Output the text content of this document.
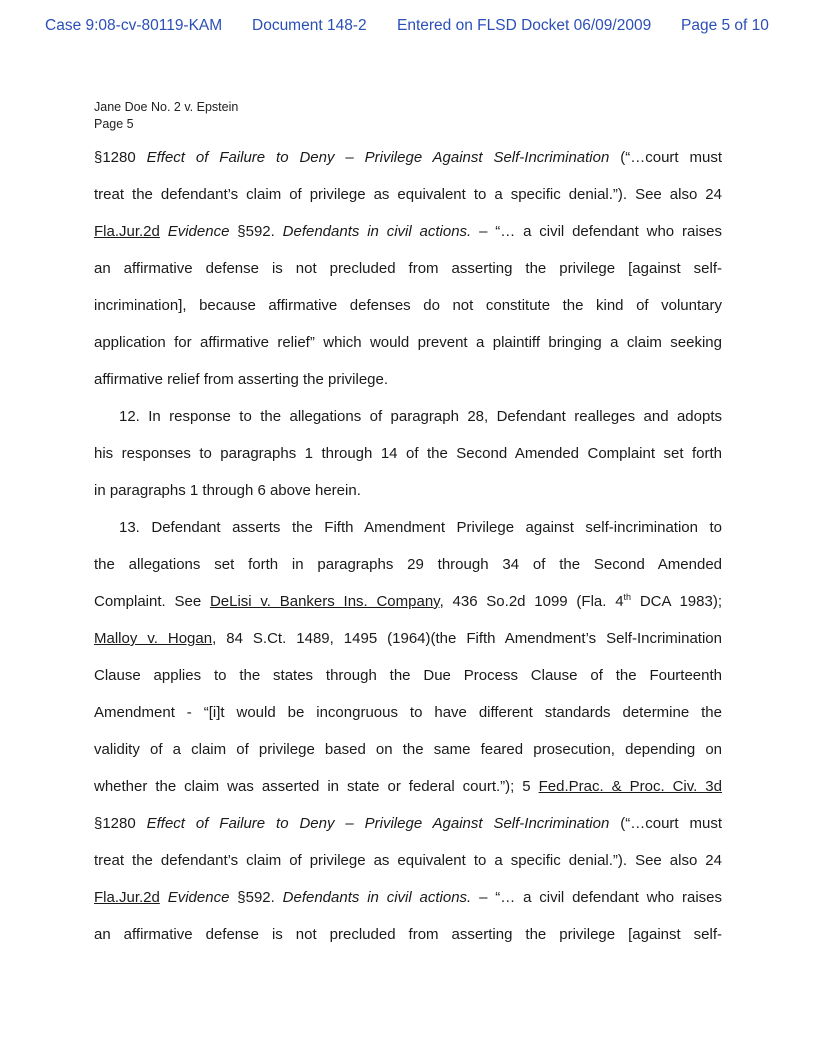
Case 9:08-cv-80119-KAM Document 148-2 Entered on FLSD Docket 06/09/2009 Page 5 of 10
Jane Doe No. 2 v. Epstein
Page 5
§1280 Effect of Failure to Deny – Privilege Against Self-Incrimination (“…court must
treat the defendant’s claim of privilege as equivalent to a specific denial.”). See also 24
Fla.Jur.2d Evidence §592. Defendants in civil actions. – “… a civil defendant who raises
an affirmative defense is not precluded from asserting the privilege [against self-
incrimination], because affirmative defenses do not constitute the kind of voluntary
application for affirmative relief” which would prevent a plaintiff bringing a claim seeking
affirmative relief from asserting the privilege.
12. In response to the allegations of paragraph 28, Defendant realleges and adopts
his responses to paragraphs 1 through 14 of the Second Amended Complaint set forth
in paragraphs 1 through 6 above herein.
13. Defendant asserts the Fifth Amendment Privilege against self-incrimination to
the allegations set forth in paragraphs 29 through 34 of the Second Amended
Complaint. See DeLisi v. Bankers Ins. Company, 436 So.2d 1099 (Fla. 4th DCA 1983);
Malloy v. Hogan, 84 S.Ct. 1489, 1495 (1964)(the Fifth Amendment’s Self-Incrimination
Clause applies to the states through the Due Process Clause of the Fourteenth
Amendment - “[i]t would be incongruous to have different standards determine the
validity of a claim of privilege based on the same feared prosecution, depending on
whether the claim was asserted in state or federal court.”); 5 Fed.Prac. & Proc. Civ. 3d
§1280 Effect of Failure to Deny – Privilege Against Self-Incrimination (“…court must
treat the defendant’s claim of privilege as equivalent to a specific denial.”). See also 24
Fla.Jur.2d Evidence §592. Defendants in civil actions. – “… a civil defendant who raises
an affirmative defense is not precluded from asserting the privilege [against self-
